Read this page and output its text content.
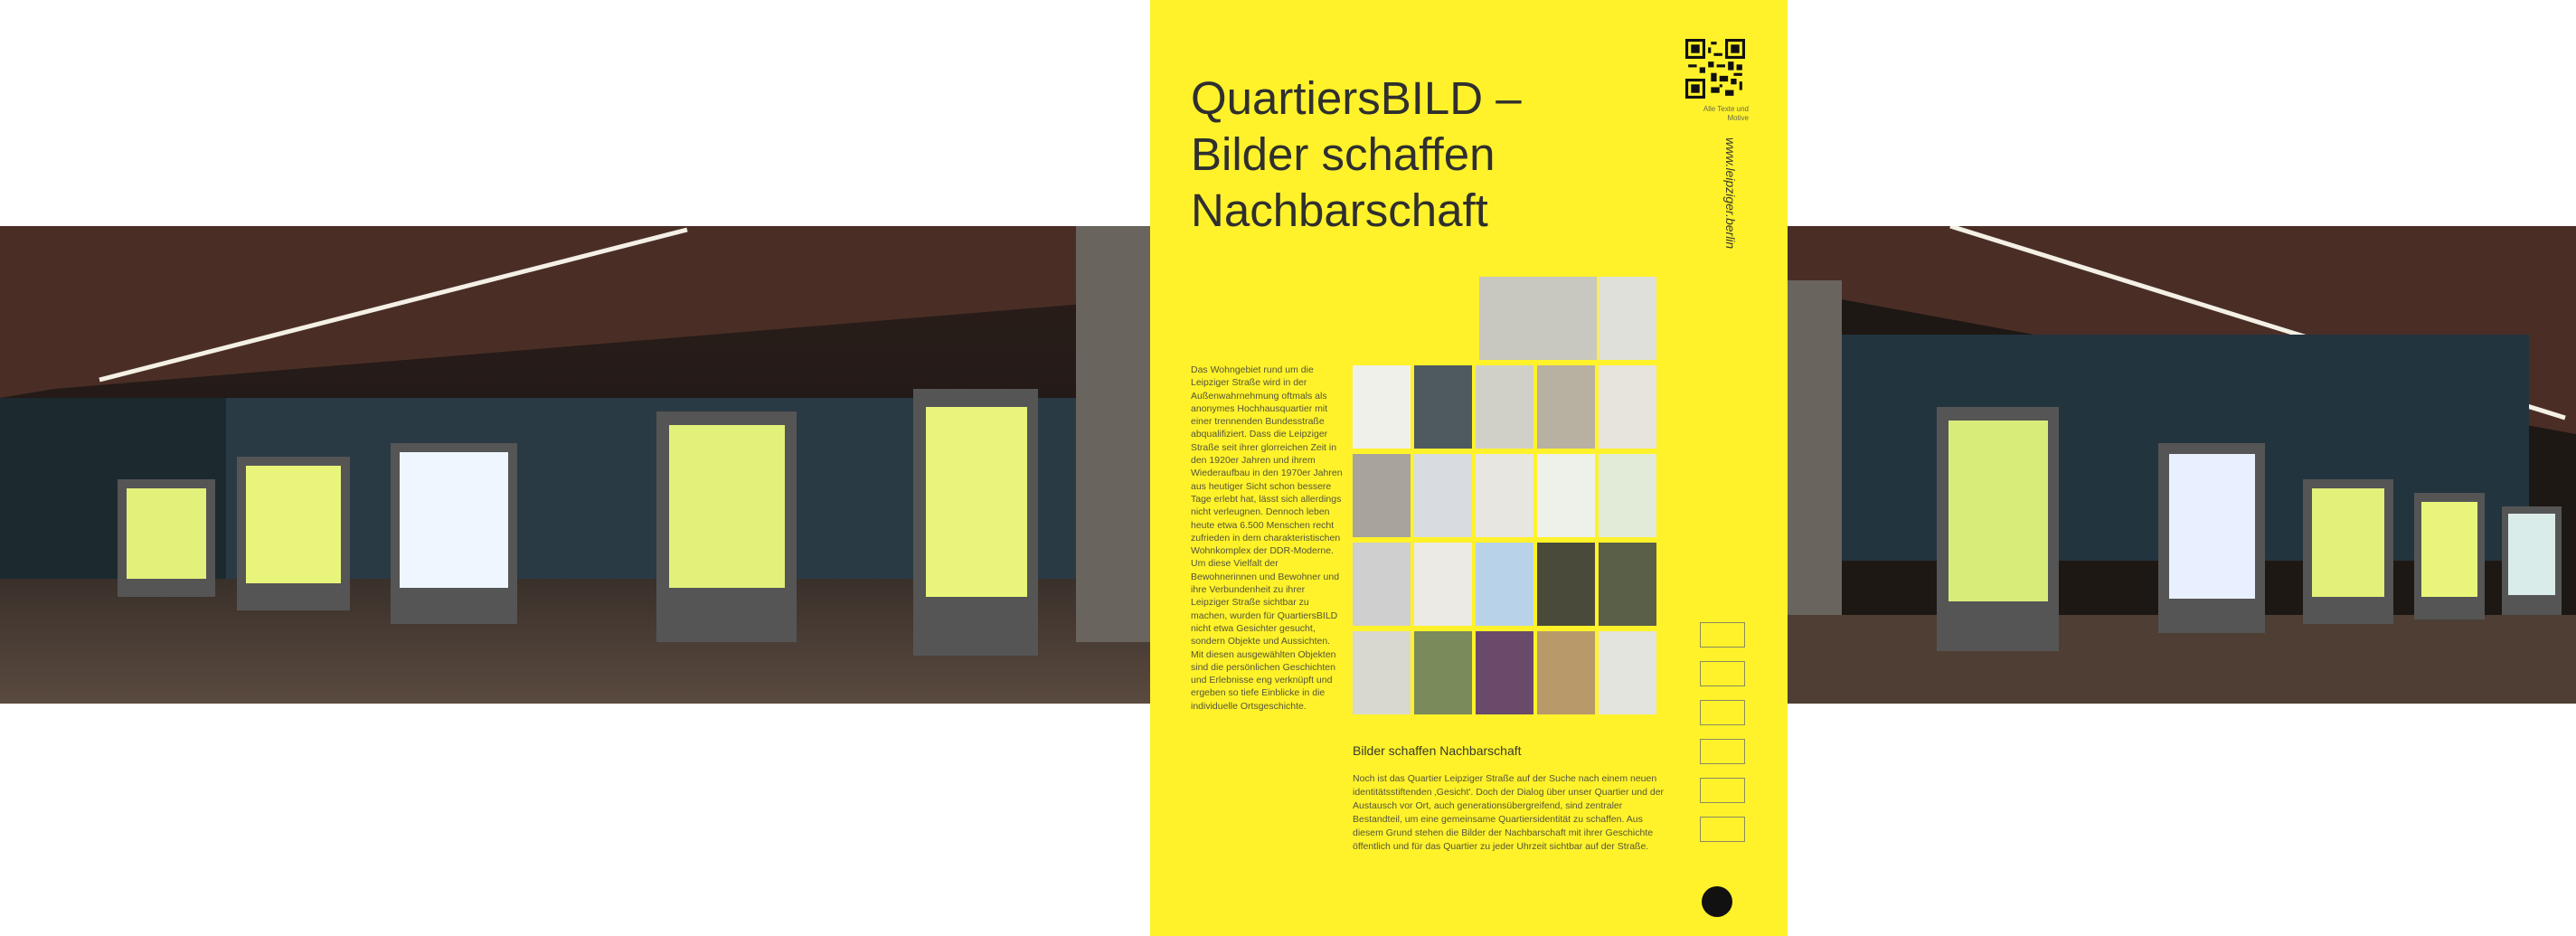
QuartiersBILD –
Bilder schaffen
Nachbarschaft

Das Wohngebiet rund um die Leipziger Straße wird in der Außenwahrnehmung oftmals als anonymes Hochhausquartier mit einer trennenden Bundesstraße abqualifiziert. Dass die Leipziger Straße seit ihrer glorreichen Zeit in den 1920er Jahren und ihrem Wiederaufbau in den 1970er Jahren aus heutiger Sicht schon bessere Tage erlebt hat, lässt sich allerdings nicht verleugnen. Dennoch leben heute etwa 6.500 Menschen recht zufrieden in dem charakteristischen Wohnkomplex der DDR-Moderne. Um diese Vielfalt der Bewohnerinnen und Bewohner und ihre Verbundenheit zu ihrer Leipziger Straße sichtbar zu machen, wurden für QuartiersBILD nicht etwa Gesichter gesucht, sondern Objekte und Aussichten. Mit diesen ausgewählten Objekten sind die persönlichen Geschichten und Erlebnisse eng verknüpft und ergeben so tiefe Einblicke in die individuelle Ortsgeschichte.

Bilder schaffen Nachbarschaft
Noch ist das Quartier Leipziger Straße auf der Suche nach einem neuen identitätsstiftenden ‚Gesicht'. Doch der Dialog über unser Quartier und der Austausch vor Ort, auch generationsübergreifend, sind zentraler Bestandteil, um eine gemeinsame Quartiersidentität zu schaffen. Aus diesem Grund stehen die Bilder der Nachbarschaft mit ihrer Geschichte öffentlich und für das Quartier zu jeder Uhrzeit sichtbar auf der Straße.
Alle Texte und Motive
www.leipziger.berlin
